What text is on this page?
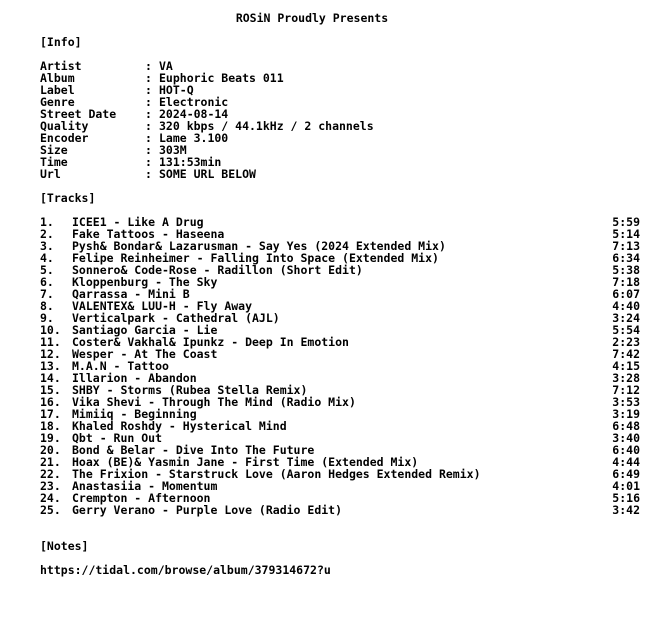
ROSiN Proudly Presents
[Info]
Artist	: VA
Album	: Euphoric Beats 011
Label	: HOT-Q
Genre	: Electronic
Street Date	: 2024-08-14
Quality	: 320 kbps / 44.1kHz / 2 channels
Encoder	: Lame 3.100
Size	: 303M
Time	: 131:53min
Url	: SOME URL BELOW
[Tracks]
1. ICEE1 - Like A Drug	5:59
2. Fake Tattoos - Haseena	5:14
3. Pysh& Bondar& Lazarusman - Say Yes (2024 Extended Mix)	7:13
4. Felipe Reinheimer - Falling Into Space (Extended Mix)	6:34
5. Sonnero& Code-Rose - Radillon (Short Edit)	5:38
6. Kloppenburg - The Sky	7:18
7. Qarrassa - Mini B	6:07
8. VALENTEX& LUU-H - Fly Away	4:40
9. Verticalpark - Cathedral (AJL)	3:24
10. Santiago Garcia - Lie	5:54
11. Coster& Vakhal& Ipunkz - Deep In Emotion	2:23
12. Wesper - At The Coast	7:42
13. M.A.N - Tattoo	4:15
14. Illarion - Abandon	3:28
15. SHBY - Storms (Rubea Stella Remix)	7:12
16. Vika Shevi - Through The Mind (Radio Mix)	3:53
17. Mimiiq - Beginning	3:19
18. Khaled Roshdy - Hysterical Mind	6:48
19. Qbt - Run Out	3:40
20. Bond & Belar - Dive Into The Future	6:40
21. Hoax (BE)& Yasmin Jane - First Time (Extended Mix)	4:44
22. The Frixion - Starstruck Love (Aaron Hedges Extended Remix)	6:49
23. Anastasiia - Momentum	4:01
24. Crempton - Afternoon	5:16
25. Gerry Verano - Purple Love (Radio Edit)	3:42
[Notes]
https://tidal.com/browse/album/379314672?u
